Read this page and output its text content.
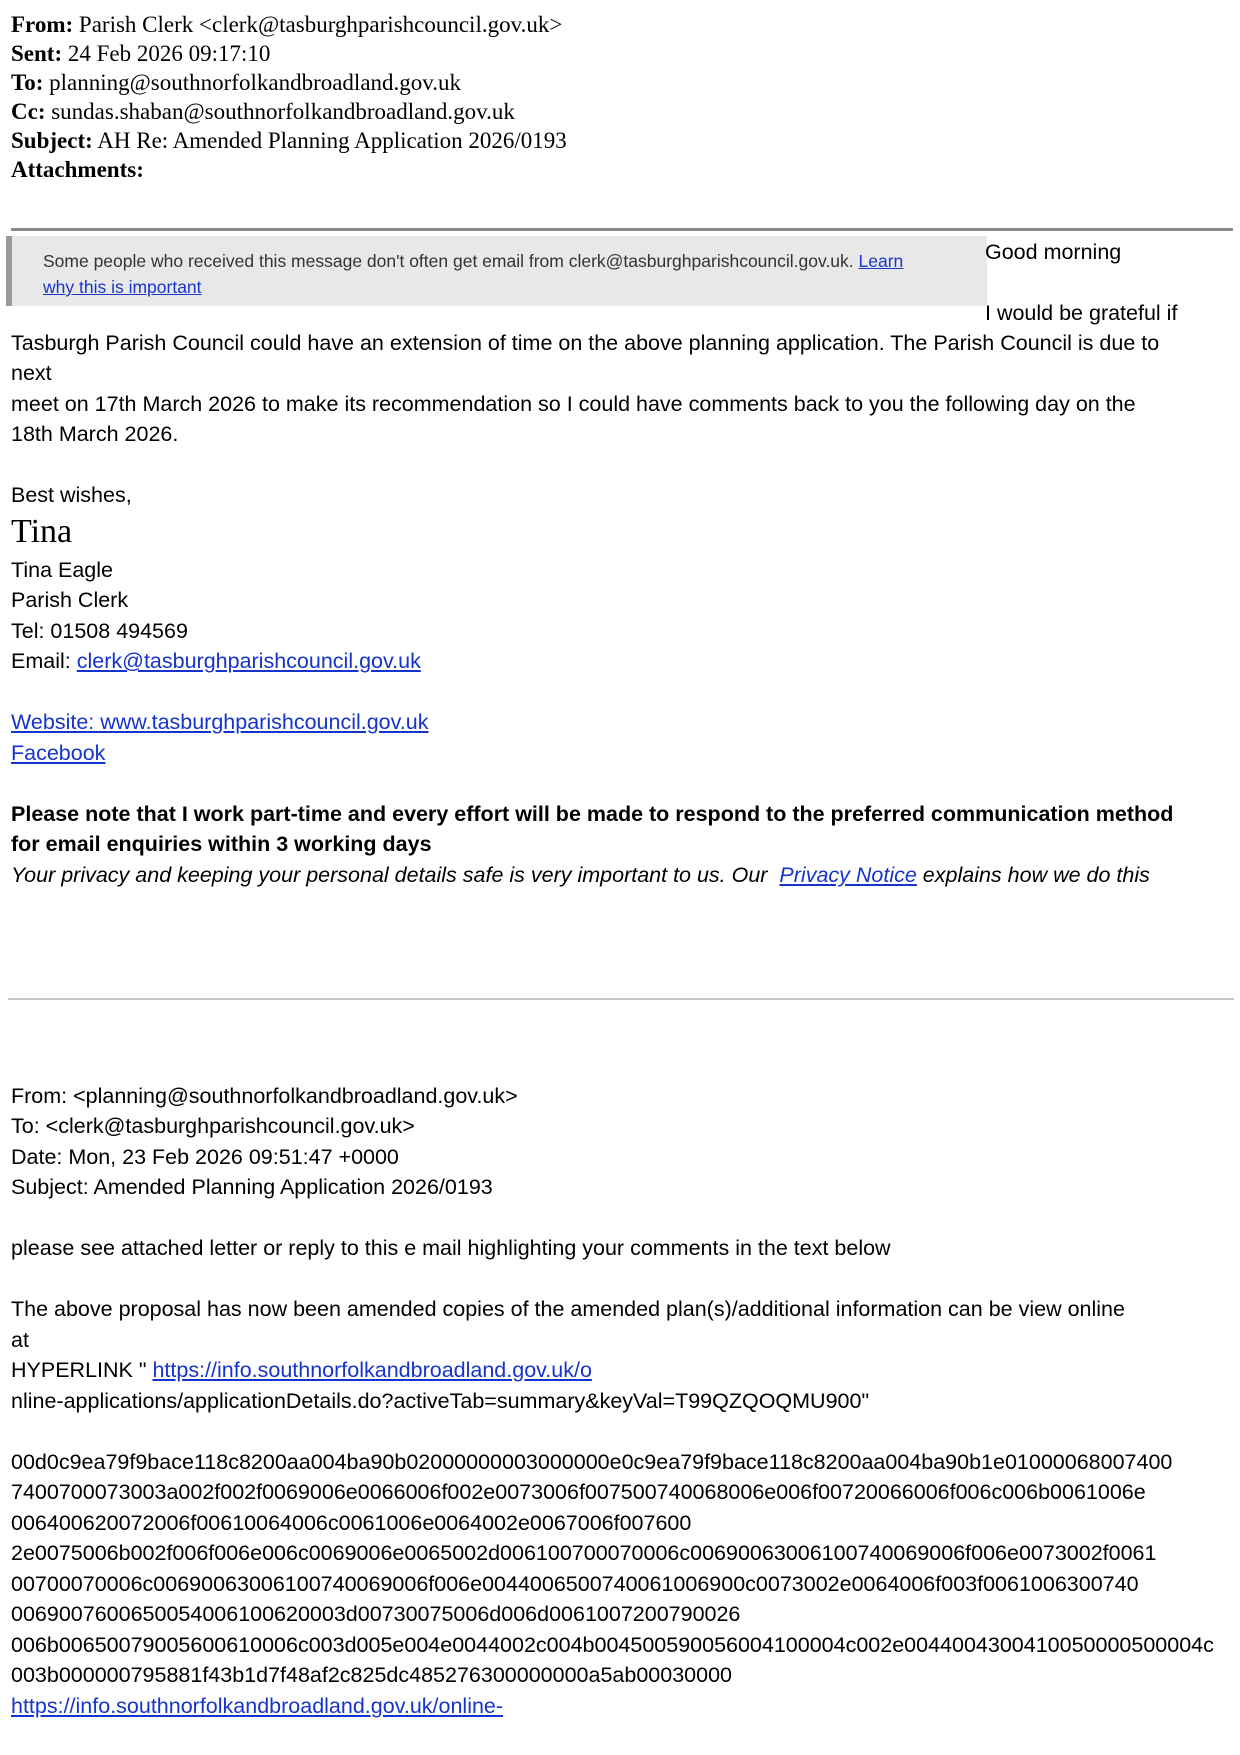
From: Parish Clerk <clerk@tasburghparishcouncil.gov.uk>
Sent: 24 Feb 2026 09:17:10
To: planning@southnorfolkandbroadland.gov.uk
Cc: sundas.shaban@southnorfolkandbroadland.gov.uk
Subject: AH Re: Amended Planning Application 2026/0193
Attachments:
Some people who received this message don't often get email from clerk@tasburghparishcouncil.gov.uk. Learn
why this is important
Good morning
I would be grateful if
Tasburgh Parish Council could have an extension of time on the above planning application. The Parish Council is due to
next
meet on 17th March 2026 to make its recommendation so I could have comments back to you the following day on the
18th March 2026.
Best wishes,
Tina
Tina Eagle
Parish Clerk
Tel: 01508 494569
Email: clerk@tasburghparishcouncil.gov.uk
Website: www.tasburghparishcouncil.gov.uk
Facebook
Please note that I work part-time and every effort will be made to respond to the preferred communication method
for email enquiries within 3 working days
Your privacy and keeping your personal details safe is very important to us. Our  Privacy Notice explains how we do this
From: <planning@southnorfolkandbroadland.gov.uk>
To: <clerk@tasburghparishcouncil.gov.uk>
Date: Mon, 23 Feb 2026 09:51:47 +0000
Subject: Amended Planning Application 2026/0193
please see attached letter or reply to this e mail highlighting your comments in the text below
The above proposal has now been amended copies of the amended plan(s)/additional information can be view online
at
HYPERLINK " https://info.southnorfolkandbroadland.gov.uk/o
nline-applications/applicationDetails.do?activeTab=summary&keyVal=T99QZQOQMU900"
00d0c9ea79f9bace118c8200aa004ba90b02000000003000000e0c9ea79f9bace118c8200aa004ba90b1e01000068007400
7400700073003a002f002f0069006e0066006f002e0073006f007500740068006e006f00720066006f006c006b0061006e
006400620072006f00610064006c0061006e0064002e0067006f007600
2e0075006b002f006f006e006c0069006e0065002d006100700070006c00690063006100740069006f006e0073002f0061
00700070006c00690063006100740069006f006e0044006500740061006900c0073002e0064006f003f0061006300740
0069007600650054006100620003d00730075006d006d0061007200790026
006b00650079005600610006c003d005e004e0044002c004b004500590056004100004c002e0044004300410050000500004c
003b000000795881f43b1d7f48af2c825dc485276300000000a5ab00030000
https://info.southnorfolkandbroadland.gov.uk/online-
